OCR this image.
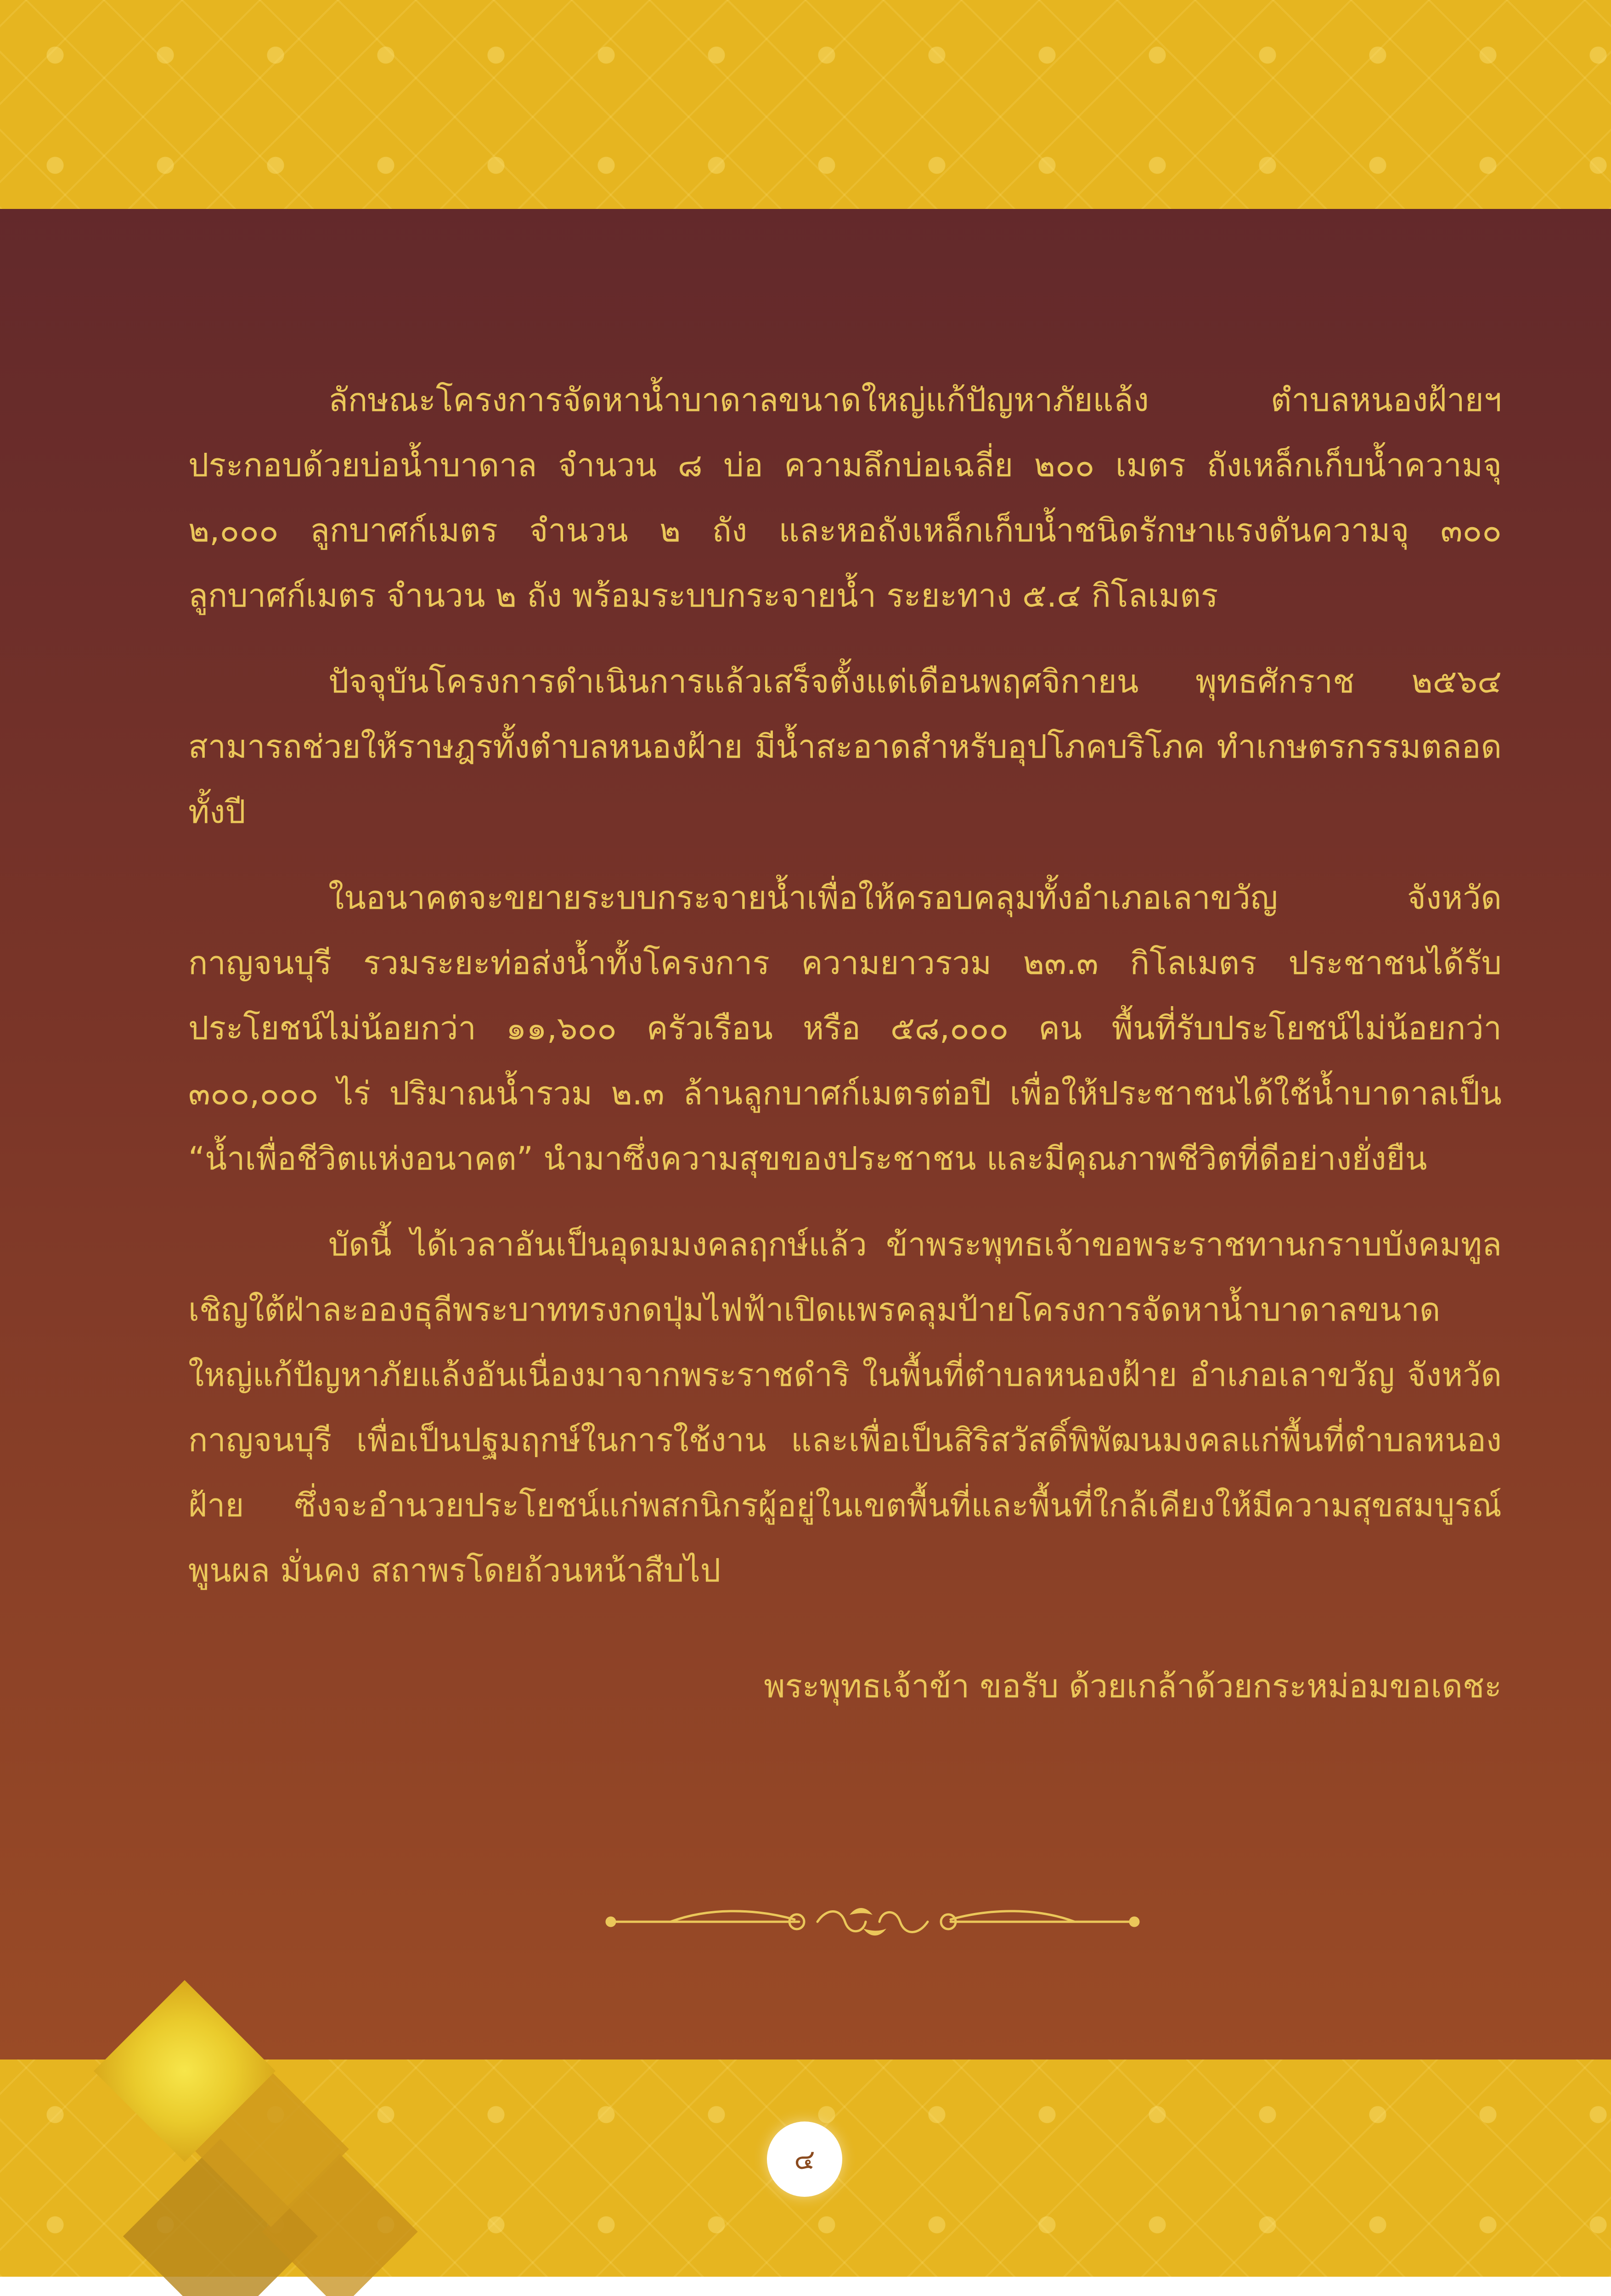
ลักษณะโครงการจัดหาน้ำบาดาลขนาดใหญ่แก้ปัญหาภัยแล้ง ตำบลหนองฝ้ายฯ ประกอบด้วยบ่อน้ำบาดาล จำนวน ๘ บ่อ ความลึกบ่อเฉลี่ย ๒๐๐ เมตร ถังเหล็กเก็บน้ำความจุ ๒,๐๐๐ ลูกบาศก์เมตร จำนวน ๒ ถัง และหอถังเหล็กเก็บน้ำชนิดรักษาแรงดันความจุ ๓๐๐ ลูกบาศก์เมตร จำนวน ๒ ถัง พร้อมระบบกระจายน้ำ ระยะทาง ๕.๔ กิโลเมตร

ปัจจุบันโครงการดำเนินการแล้วเสร็จตั้งแต่เดือนพฤศจิกายน พุทธศักราช ๒๕๖๔ สามารถช่วยให้ราษฎรทั้งตำบลหนองฝ้าย มีน้ำสะอาดสำหรับอุปโภคบริโภค ทำเกษตรกรรมตลอดทั้งปี

ในอนาคตจะขยายระบบกระจายน้ำเพื่อให้ครอบคลุมทั้งอำเภอเลาขวัญ จังหวัดกาญจนบุรี รวมระยะท่อส่งน้ำทั้งโครงการ ความยาวรวม ๒๓.๓ กิโลเมตร ประชาชนได้รับประโยชน์ไม่น้อยกว่า ๑๑,๖๐๐ ครัวเรือน หรือ ๕๘,๐๐๐ คน พื้นที่รับประโยชน์ไม่น้อยกว่า ๓๐๐,๐๐๐ ไร่ ปริมาณน้ำรวม ๒.๓ ล้านลูกบาศก์เมตรต่อปี เพื่อให้ประชาชนได้ใช้น้ำบาดาลเป็น “น้ำเพื่อชีวิตแห่งอนาคต” นำมาซึ่งความสุขของประชาชน และมีคุณภาพชีวิตที่ดีอย่างยั่งยืน

บัดนี้ ได้เวลาอันเป็นอุดมมงคลฤกษ์แล้ว ข้าพระพุทธเจ้าขอพระราชทานกราบบังคมทูลเชิญใต้ฝ่าละอองธุลีพระบาททรงกดปุ่มไฟฟ้าเปิดแพรคลุมป้ายโครงการจัดหาน้ำบาดาลขนาดใหญ่แก้ปัญหาภัยแล้งอันเนื่องมาจากพระราชดำริ ในพื้นที่ตำบลหนองฝ้าย อำเภอเลาขวัญ จังหวัดกาญจนบุรี เพื่อเป็นปฐมฤกษ์ในการใช้งาน และเพื่อเป็นสิริสวัสดิ์พิพัฒนมงคลแก่พื้นที่ตำบลหนองฝ้าย ซึ่งจะอำนวยประโยชน์แก่พสกนิกรผู้อยู่ในเขตพื้นที่และพื้นที่ใกล้เคียงให้มีความสุขสมบูรณ์พูนผล มั่นคง สถาพรโดยถ้วนหน้าสืบไป

พระพุทธเจ้าข้า ขอรับ ด้วยเกล้าด้วยกระหม่อมขอเดชะ

๔
